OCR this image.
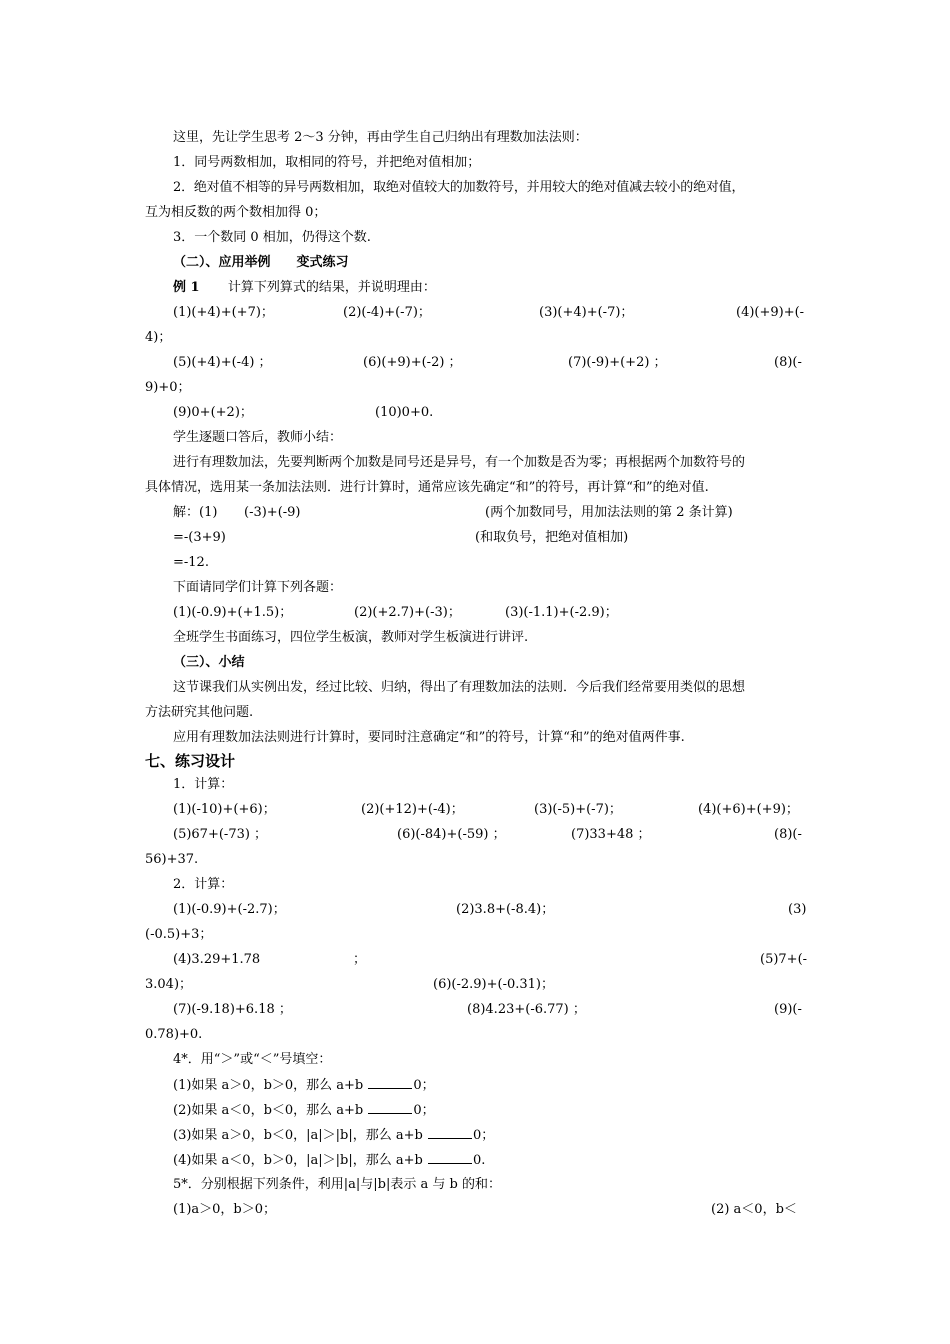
这里，先让学生思考 2～3 分钟，再由学生自己归纳出有理数加法法则：
1．同号两数相加，取相同的符号，并把绝对值相加；
2．绝对值不相等的异号两数相加，取绝对值较大的加数符号，并用较大的绝对值减去较小的绝对值，
互为相反数的两个数相加得 0；
3．一个数同 0 相加，仍得这个数.
（二）、应用举例　　变式练习
例 1 计算下列算式的结果，并说明理由：
(1)(+4)+(+7)；	(2)(-4)+(-7)；	(3)(+4)+(-7)；	(4)(+9)+(-
4)；
(5)(+4)+(-4) ；	(6)(+9)+(-2) ；	(7)(-9)+(+2) ；	(8)(-
9)+0；
(9)0+(+2)；	(10)0+0.
学生逐题口答后，教师小结：
进行有理数加法，先要判断两个加数是同号还是异号，有一个加数是否为零；再根据两个加数符号的
具体情况，选用某一条加法法则．进行计算时，通常应该先确定“和”的符号，再计算“和”的绝对值.
解：(1) (-3)+(-9)	(两个加数同号，用加法法则的第 2 条计算)
=-(3+9)	(和取负号，把绝对值相加)
=-12.
下面请同学们计算下列各题：
(1)(-0.9)+(+1.5)；	(2)(+2.7)+(-3)；	(3)(-1.1)+(-2.9)；
全班学生书面练习，四位学生板演，教师对学生板演进行讲评.
（三）、小结
这节课我们从实例出发，经过比较、归纳，得出了有理数加法的法则．今后我们经常要用类似的思想
方法研究其他问题.
应用有理数加法法则进行计算时，要同时注意确定“和”的符号，计算“和”的绝对值两件事.
七、练习设计
1．计算：
(1)(-10)+(+6)；	(2)(+12)+(-4)；	(3)(-5)+(-7)；	(4)(+6)+(+9)；
(5)67+(-73) ；	(6)(-84)+(-59) ；	(7)33+48 ；	(8)(-
56)+37.
2．计算：
(1)(-0.9)+(-2.7)；	(2)3.8+(-8.4)；	(3)
(-0.5)+3；
(4)3.29+1.78	；	(5)7+(-
3.04)；	(6)(-2.9)+(-0.31)；
(7)(-9.18)+6.18 ；	(8)4.23+(-6.77) ；	(9)(-
0.78)+0.
4*．用“＞”或“＜”号填空：
(1)如果 a＞0，b＞0，那么 a+b	0；
(2)如果 a＜0，b＜0，那么 a+b	0；
(3)如果 a＞0，b＜0，|a|＞|b|，那么 a+b	0；
(4)如果 a＜0，b＞0，|a|＞|b|，那么 a+b	0.
5*．分别根据下列条件，利用|a|与|b|表示 a 与 b 的和：
(1)a＞0，b＞0；	(2) a＜0，b＜
